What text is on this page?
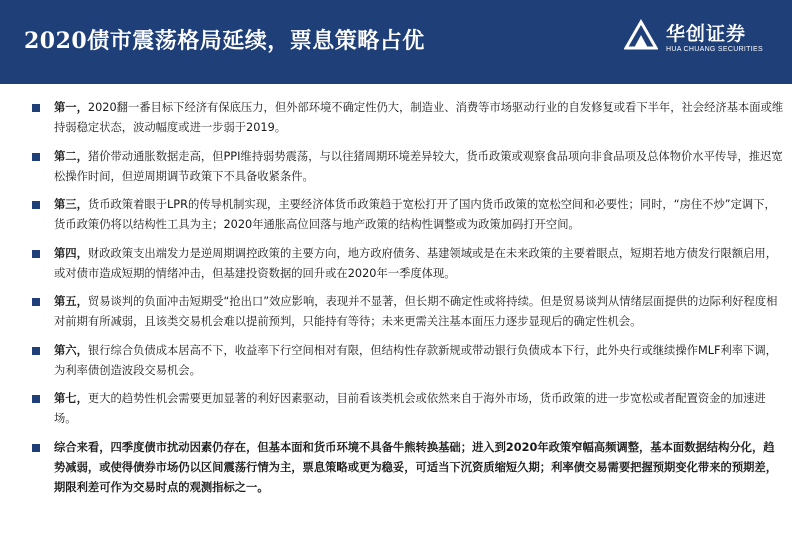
2020债市震荡格局延续，票息策略占优	华创证券
HUA CHUANG SECURITIES
第一，2020翻一番目标下经济有保底压力，但外部环境不确定性仍大，制造业、消费等市场驱动行业的自发修复或看下半年，社会经济基本面或维持弱稳定状态，波动幅度或进一步弱于2019。
第二，猪价带动通胀数据走高，但PPI维持弱势震荡，与以往猪周期环境差异较大，货币政策或观察食品项向非食品项及总体物价水平传导，推迟宽松操作时间，但逆周期调节政策下不具备收紧条件。
第三，货币政策着眼于LPR的传导机制实现，主要经济体货币政策趋于宽松打开了国内货币政策的宽松空间和必要性；同时，“房住不炒”定调下，货币政策仍将以结构性工具为主；2020年通胀高位回落与地产政策的结构性调整或为政策加码打开空间。
第四，财政政策支出端发力是逆周期调控政策的主要方向，地方政府债务、基建领域或是在未来政策的主要着眼点，短期若地方债发行限额启用，或对债市造成短期的情绪冲击，但基建投资数据的回升或在2020年一季度体现。
第五，贸易谈判的负面冲击短期受“抢出口”效应影响，表现并不显著，但长期不确定性或将持续。但是贸易谈判从情绪层面提供的边际利好程度相对前期有所减弱，且该类交易机会难以提前预判，只能持有等待；未来更需关注基本面压力逐步显现后的确定性机会。
第六，银行综合负债成本居高不下，收益率下行空间相对有限，但结构性存款新规或带动银行负债成本下行，此外央行或继续操作MLF利率下调，为利率债创造波段交易机会。
第七，更大的趋势性机会需要更加显著的利好因素驱动，目前看该类机会或依然来自于海外市场，货币政策的进一步宽松或者配置资金的加速进场。
综合来看，四季度债市扰动因素仍存在，但基本面和货币环境不具备牛熊转换基础；进入到2020年政策窄幅高频调整，基本面数据结构分化，趋势减弱，或使得债券市场仍以区间震荡行情为主，票息策略或更为稳妥，可适当下沉资质缩短久期；利率债交易需要把握预期变化带来的预期差，期限利差可作为交易时点的观测指标之一。
